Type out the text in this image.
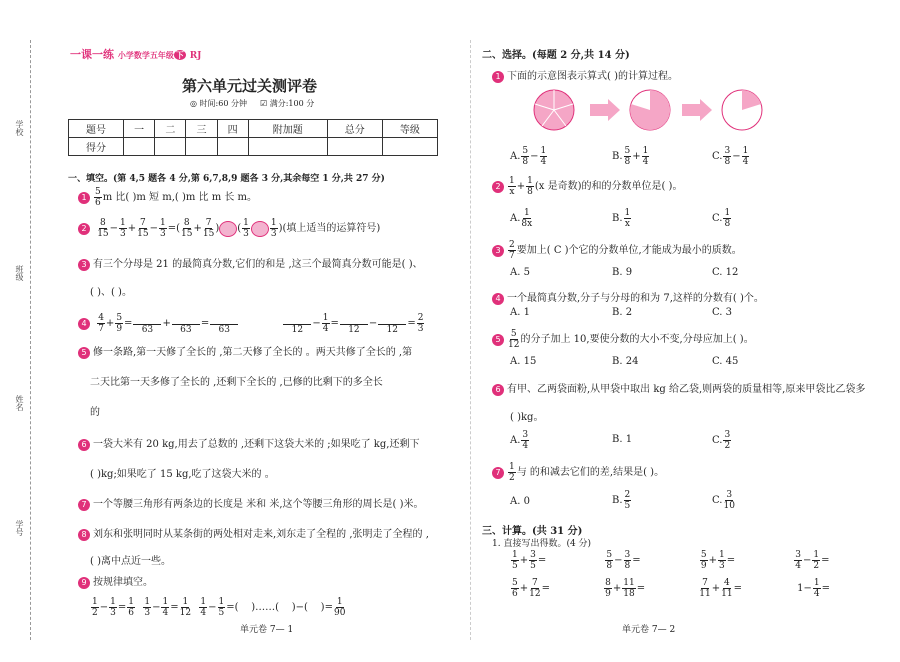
学校
班级
姓名
学号
一课一练 小学数学五年级 下 RJ
第六单元过关测评卷
◎ 时间:60 分钟 ☑ 满分:100 分
题号	一	二	三	四	附加题	总分	等级
得分							
一、填空。(第 4,5 题各 4 分,第 6,7,8,9 题各 3 分,其余每空 1 分,共 27 分)
$1 \frac{5}{6}$ m 比( )m 短 m,( )m 比 m 长 m。
$2 \frac{8}{15} - \frac{1}{3} + \frac{7}{15} - \frac{1}{3}$ =( $\frac{8}{15} + \frac{7}{15}$ ) ( $\frac{1}{3} \frac{1}{3}$ )(填上适当的运算符号)
3 有三个分母是 21 的最简真分数,它们的和是 ,这三个最简真分数可能是( )、
( )、( )。
$4 \frac{4}{7} + \frac{5}{9}$ =
63
+
63
=
63
	12
− $\frac{1}{4}$ =
12
−
12
= $\frac{2}{3}$
5 修一条路,第一天修了全长的 ,第二天修了全长的 。两天共修了全长的 ,第
二天比第一天多修了全长的 ,还剩下全长的 ,已修的比剩下的多全长
的
6 一袋大米有 20 kg,用去了总数的 ,还剩下这袋大米的 ;如果吃了 kg,还剩下
( )kg;如果吃了 15 kg,吃了这袋大米的 。
7 一个等腰三角形有两条边的长度是 米和 米,这个等腰三角形的周长是( )米。
8 刘东和张明同时从某条街的两处相对走来,刘东走了全程的 ,张明走了全程的 ,
( )离中点近一些。
9 按规律填空。
$\frac{1}{2} - \frac{1}{3} = \frac{1}{6}$
$\frac{1}{3} - \frac{1}{4} = \frac{1}{12}$
$\frac{1}{4} - \frac{1}{5}$ =(    )……(    )−(    )= $\frac{1}{90}$
单元卷 7— 1
二、选择。(每题 2 分,共 14 分)
1 下面的示意图表示算式( )的计算过程。
A. $\frac{5}{8} - \frac{1}{4}$	B. $\frac{5}{8} + \frac{1}{4}$	C. $\frac{3}{8} - \frac{1}{4}$
$2 \frac{1}{x} + \frac{1}{8} (x$ 是奇数)的和的分数单位是( )。
A. $\frac{1}{8x}$	B. $\frac{1}{x}$	C. $\frac{1}{8}$
$3 \frac{2}{7}$ 要加上( C )个它的分数单位,才能成为最小的质数。
A. 5	B. 9	C. 12
4 一个最简真分数,分子与分母的和为 7,这样的分数有( )个。
A. 1	B. 2	C. 3
$5 \frac{5}{12}$ 的分子加上 10,要使分数的大小不变,分母应加上( )。
A. 15	B. 24	C. 45
6 有甲、乙两袋面粉,从甲袋中取出 kg 给乙袋,则两袋的质量相等,原来甲袋比乙袋多
( )kg。
A. $\frac{3}{4}$	B. 1	C. $\frac{3}{2}$
$7 \frac{1}{2}$ 与 的和减去它们的差,结果是( )。
A. 0	B. $\frac{2}{5}$	C. $\frac{3}{10}$
三、计算。(共 31 分)
1. 直接写出得数。(4 分)
$\frac{1}{5} + \frac{3}{5}$ =	$\frac{5}{8} - \frac{3}{8}$ =	$\frac{5}{9} + \frac{1}{3}$ =	$\frac{3}{4} - \frac{1}{2}$ =
$\frac{5}{6} + \frac{7}{12}$ =	$\frac{8}{9} + \frac{11}{18}$ =	$\frac{7}{11} + \frac{4}{11}$ =	$1- \frac{1}{4}$ =
单元卷 7— 2
